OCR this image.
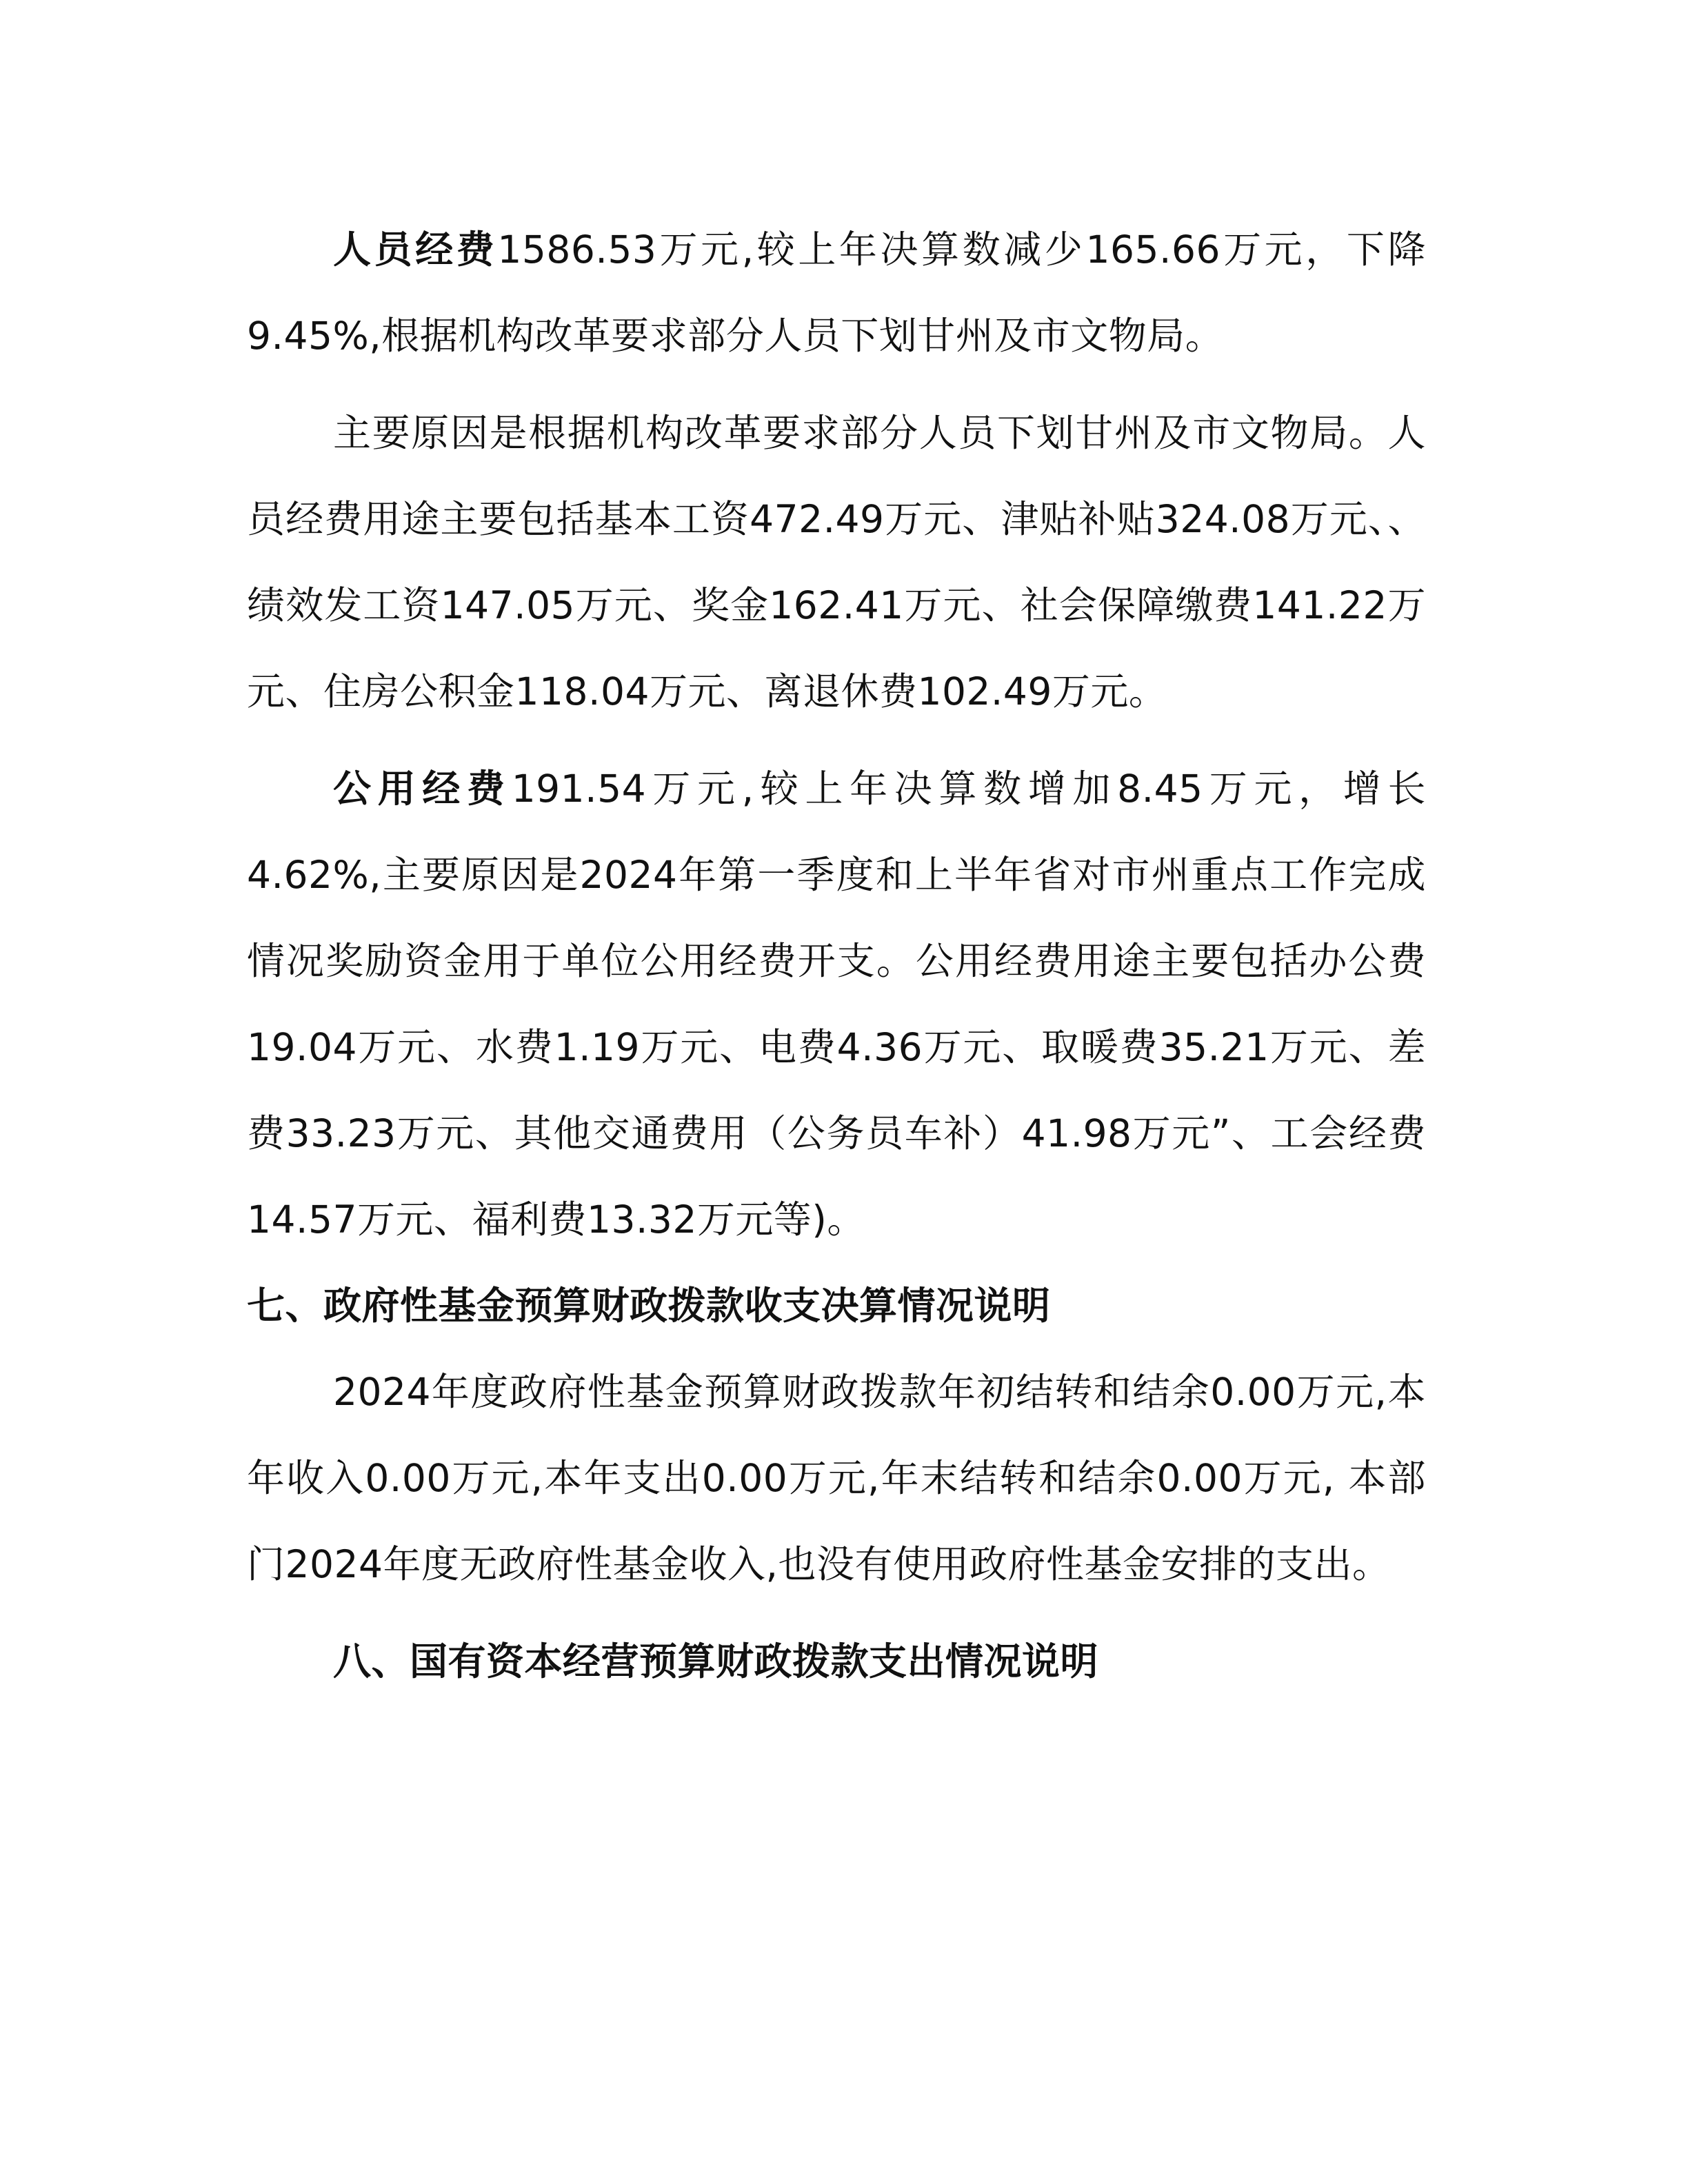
人员经费1586.53万元,较上年决算数减少165.66万元，下降9.45%,根据机构改革要求部分人员下划甘州及市文物局。

主要原因是根据机构改革要求部分人员下划甘州及市文物局。人员经费用途主要包括基本工资472.49万元、津贴补贴324.08万元、、绩效发工资147.05万元、奖金162.41万元、社会保障缴费141.22万元、住房公积金118.04万元、离退休费102.49万元。

公用经费191.54万元,较上年决算数增加8.45万元，增长4.62%,主要原因是2024年第一季度和上半年省对市州重点工作完成情况奖励资金用于单位公用经费开支。公用经费用途主要包括办公费19.04万元、水费1.19万元、电费4.36万元、取暖费35.21万元、差费33.23万元、其他交通费用（公务员车补）41.98万元”、工会经费14.57万元、福利费13.32万元等)。

七、政府性基金预算财政拨款收支决算情况说明

2024年度政府性基金预算财政拨款年初结转和结余0.00万元,本年收入0.00万元,本年支出0.00万元,年末结转和结余0.00万元, 本部门2024年度无政府性基金收入,也没有使用政府性基金安排的支出。

八、国有资本经营预算财政拨款支出情况说明
